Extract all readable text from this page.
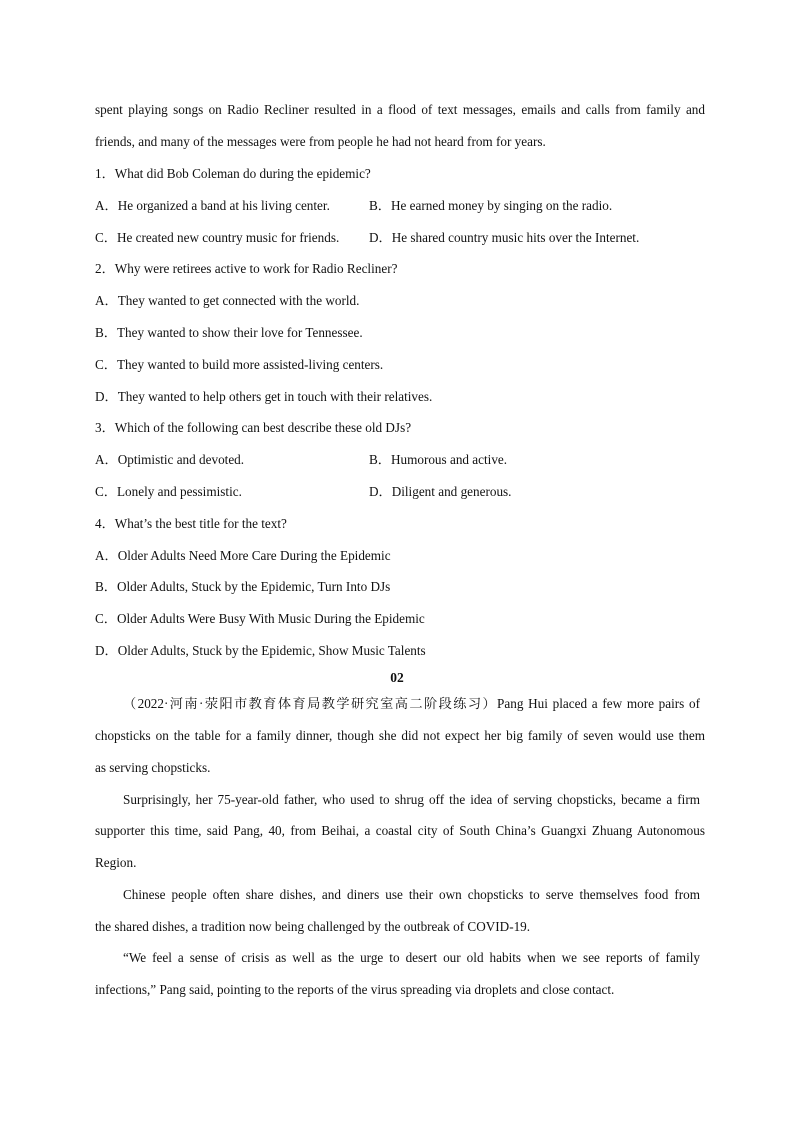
spent playing songs on Radio Recliner resulted in a flood of text messages, emails and calls from family and
friends, and many of the messages were from people he had not heard from for years.
1．What did Bob Coleman do during the epidemic?
A．He organized a band at his living center.	B．He earned money by singing on the radio.
C．He created new country music for friends. D．He shared country music hits over the Internet.
2．Why were retirees active to work for Radio Recliner?
A．They wanted to get connected with the world.
B．They wanted to show their love for Tennessee.
C．They wanted to build more assisted-living centers.
D．They wanted to help others get in touch with their relatives.
3．Which of the following can best describe these old DJs?
A．Optimistic and devoted.	B．Humorous and active.
C．Lonely and pessimistic.	D．Diligent and generous.
4．What’s the best title for the text?
A．Older Adults Need More Care During the Epidemic
B．Older Adults, Stuck by the Epidemic, Turn Into DJs
C．Older Adults Were Busy With Music During the Epidemic
D．Older Adults, Stuck by the Epidemic, Show Music Talents
02
（2022·河南·荥阳市教育体育局教学研究室高二阶段练习）Pang Hui placed a few more pairs of
chopsticks on the table for a family dinner, though she did not expect her big family of seven would use them
as serving chopsticks.
Surprisingly, her 75-year-old father, who used to shrug off the idea of serving chopsticks, became a firm
supporter this time, said Pang, 40, from Beihai, a coastal city of South China’s Guangxi Zhuang Autonomous
Region.
Chinese people often share dishes, and diners use their own chopsticks to serve themselves food from
the shared dishes, a tradition now being challenged by the outbreak of COVID-19.
“We feel a sense of crisis as well as the urge to desert our old habits when we see reports of family
infections,” Pang said, pointing to the reports of the virus spreading via droplets and close contact.
